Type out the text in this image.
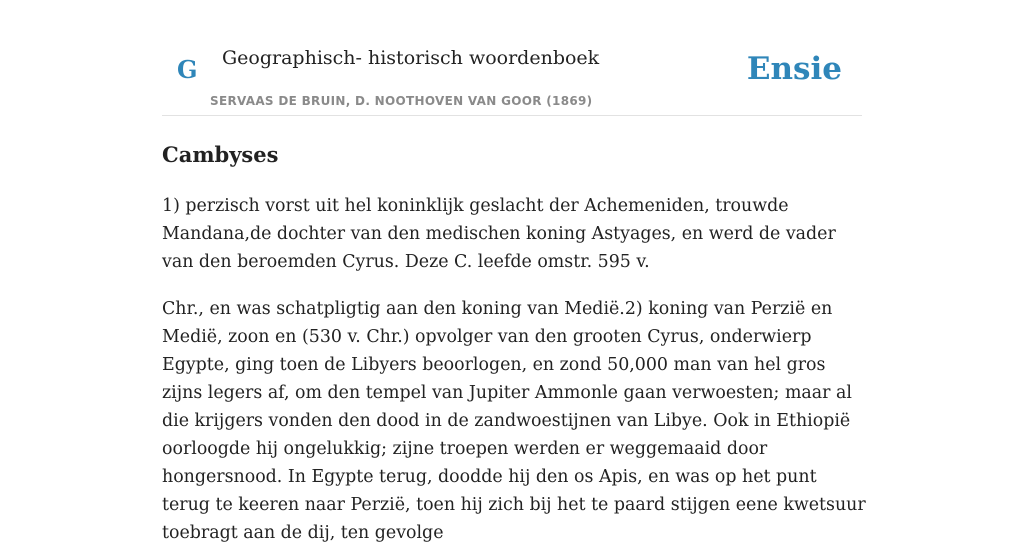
G Geographisch- historisch woordenboek
SERVAAS DE BRUIN, D. NOOTHOVEN VAN GOOR (1869)
Ensie
Cambyses

1) perzisch vorst uit hel koninklijk geslacht der Achemeniden, trouwde Mandana,de dochter van den medischen koning Astyages, en werd de vader van den beroemden Cyrus. Deze C. leefde omstr. 595 v.

Chr., en was schatpligtig aan den koning van Medië.2) koning van Perzië en Medië, zoon en (530 v. Chr.) opvolger van den grooten Cyrus, onderwierp Egypte, ging toen de Libyers beoorlogen, en zond 50,000 man van hel gros zijns legers af, om den tempel van Jupiter Ammonle gaan verwoesten; maar al die krijgers vonden den dood in de zandwoestijnen van Libye. Ook in Ethiopië oorloogde hij ongelukkig; zijne troepen werden er weggemaaid door hongersnood. In Egypte terug, doodde hij den os Apis, en was op het punt terug te keeren naar Perzië, toen hij zich bij het te paard stijgen eene kwetsuur toebragt aan de dij, ten gevolge
